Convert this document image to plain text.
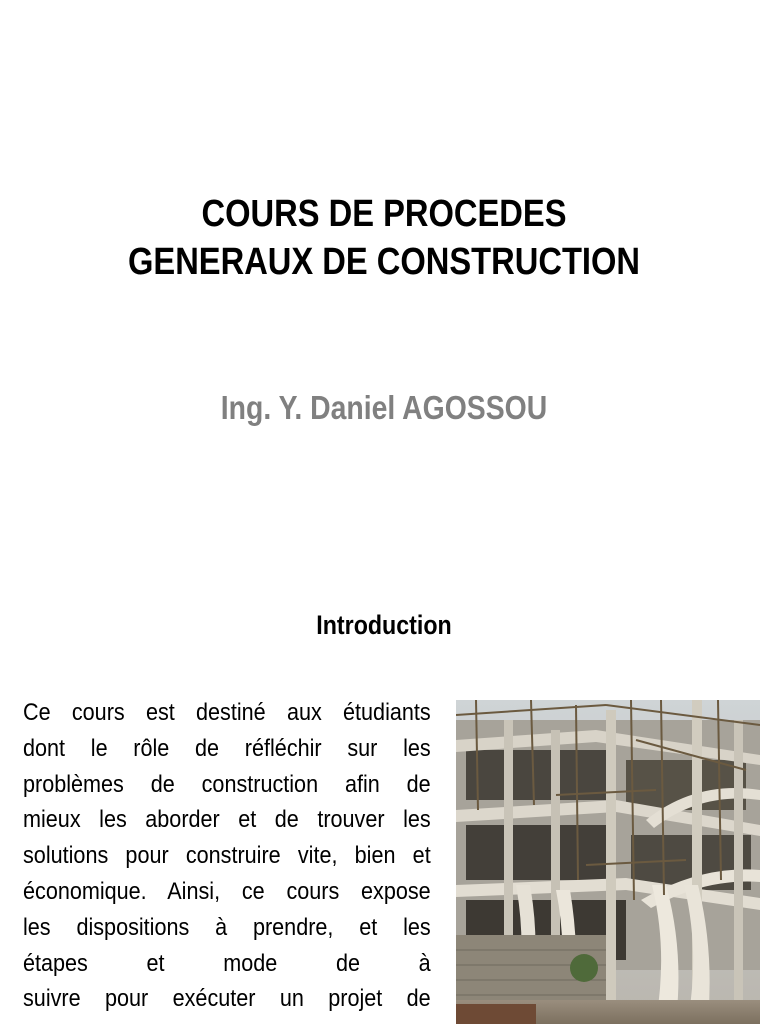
COURS DE PROCEDES
GENERAUX DE CONSTRUCTION
Ing. Y. Daniel AGOSSOU
Introduction
Ce cours est destiné aux étudiants
dont le rôle de réfléchir sur les
problèmes de construction afin de
mieux les aborder et de trouver les
solutions pour construire vite, bien et
économique. Ainsi, ce cours expose
les dispositions à prendre, et les
étapes et mode de à
suivre pour exécuter un projet de
